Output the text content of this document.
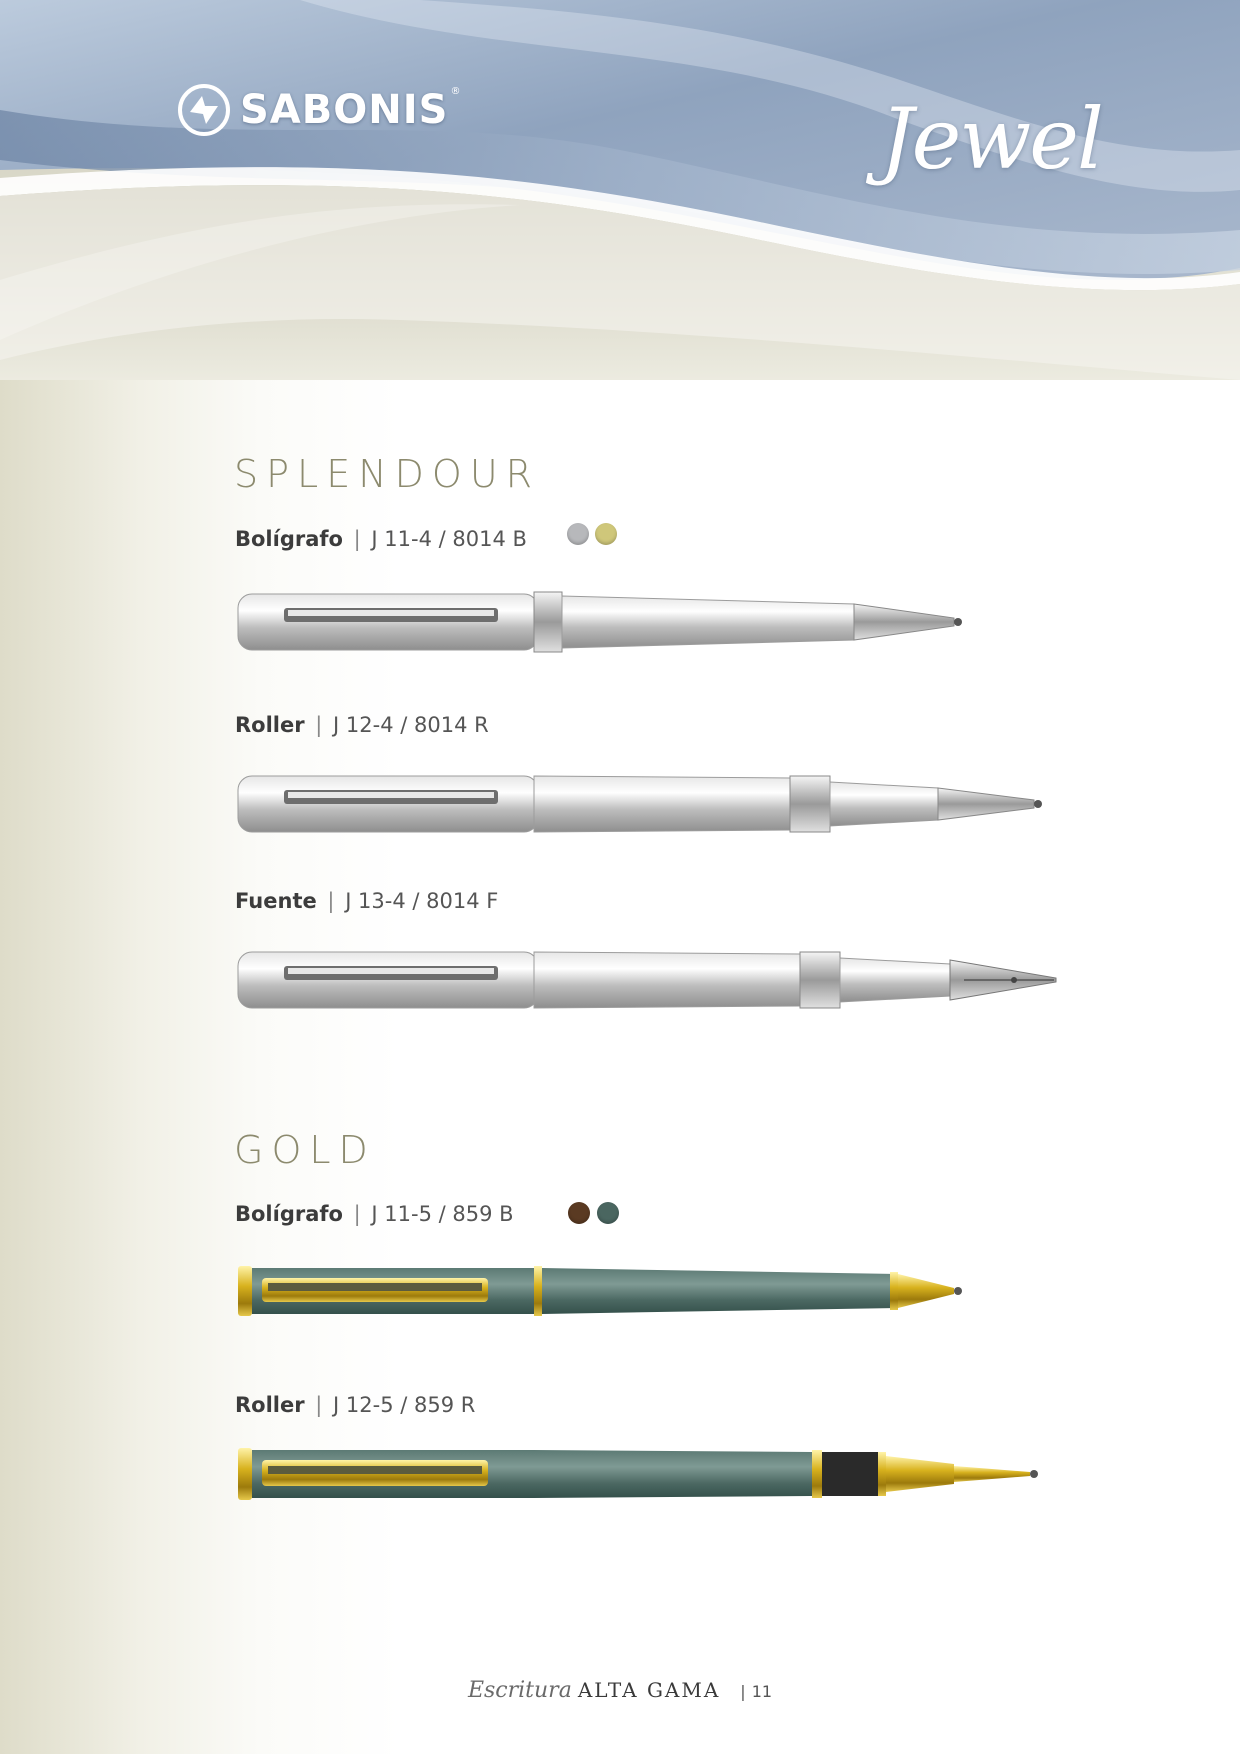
SABONIS ®	Jewel
SPLENDOUR
Bolígrafo | J 11-4 / 8014 B
Roller | J 12-4 / 8014 R
Fuente | J 13-4 / 8014 F
GOLD
Bolígrafo | J 11-5 / 859 B
Roller | J 12-5 / 859 R
Escritura ALTA GAMA | 11
